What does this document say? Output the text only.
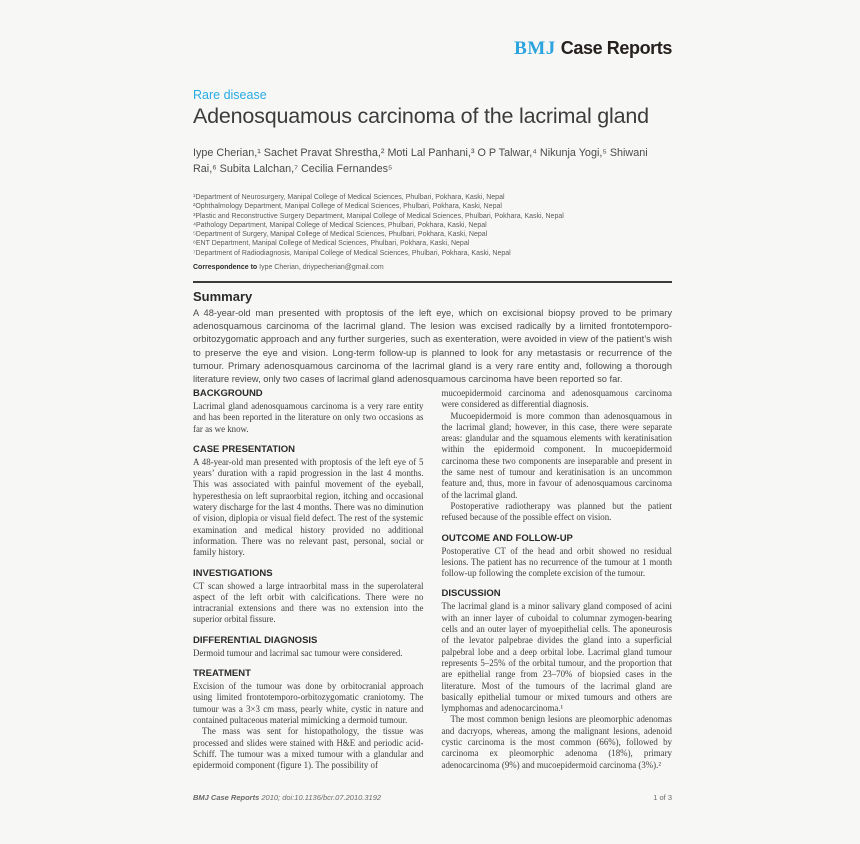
BMJ Case Reports
Rare disease
Adenosquamous carcinoma of the lacrimal gland
Iype Cherian,¹ Sachet Pravat Shrestha,² Moti Lal Panhani,³ O P Talwar,⁴ Nikunja Yogi,⁵ Shiwani Rai,⁶ Subita Lalchan,⁷ Cecilia Fernandes⁵
¹Department of Neurosurgery, Manipal College of Medical Sciences, Phulbari, Pokhara, Kaski, Nepal
²Ophthalmology Department, Manipal College of Medical Sciences, Phulbari, Pokhara, Kaski, Nepal
³Plastic and Reconstructive Surgery Department, Manipal College of Medical Sciences, Phulbari, Pokhara, Kaski, Nepal
⁴Pathology Department, Manipal College of Medical Sciences, Phulbari, Pokhara, Kaski, Nepal
⁵Department of Surgery, Manipal College of Medical Sciences, Phulbari, Pokhara, Kaski, Nepal
⁶ENT Department, Manipal College of Medical Sciences, Phulbari, Pokhara, Kaski, Nepal
⁷Department of Radiodiagnosis, Manipal College of Medical Sciences, Phulbari, Pokhara, Kaski, Nepal
Correspondence to Iype Cherian, driypecherian@gmail.com
Summary
A 48-year-old man presented with proptosis of the left eye, which on excisional biopsy proved to be primary adenosquamous carcinoma of the lacrimal gland. The lesion was excised radically by a limited frontotemporo-orbitozygomatic approach and any further surgeries, such as exenteration, were avoided in view of the patient’s wish to preserve the eye and vision. Long-term follow-up is planned to look for any metastasis or recurrence of the tumour. Primary adenosquamous carcinoma of the lacrimal gland is a very rare entity and, following a thorough literature review, only two cases of lacrimal gland adenosquamous carcinoma have been reported so far.
BACKGROUND

Lacrimal gland adenosquamous carcinoma is a very rare entity and has been reported in the literature on only two occasions as far as we know.

CASE PRESENTATION

A 48-year-old man presented with proptosis of the left eye of 5 years’ duration with a rapid progression in the last 4 months. This was associated with painful movement of the eyeball, hyperesthesia on left supraorbital region, itching and occasional watery discharge for the last 4 months. There was no diminution of vision, diplopia or visual field defect. The rest of the systemic examination and medical history provided no additional information. There was no relevant past, personal, social or family history.

INVESTIGATIONS

CT scan showed a large intraorbital mass in the superolateral aspect of the left orbit with calcifications. There were no intracranial extensions and there was no extension into the superior orbital fissure.

DIFFERENTIAL DIAGNOSIS

Dermoid tumour and lacrimal sac tumour were considered.

TREATMENT

Excision of the tumour was done by orbitocranial approach using limited frontotemporo-orbitozygomatic craniotomy. The tumour was a 3×3 cm mass, pearly white, cystic in nature and contained pultaceous material mimicking a dermoid tumour.

The mass was sent for histopathology, the tissue was processed and slides were stained with H&E and periodic acid-Schiff. The tumour was a mixed tumour with a glandular and epidermoid component (figure 1). The possibility of

mucoepidermoid carcinoma and adenosquamous carcinoma were considered as differential diagnosis.

Mucoepidermoid is more common than adenosquamous in the lacrimal gland; however, in this case, there were separate areas: glandular and the squamous elements with keratinisation within the epidermoid component. In mucoepidermoid carcinoma these two components are inseparable and present in the same nest of tumour and keratinisation is an uncommon feature and, thus, more in favour of adenosquamous carcinoma of the lacrimal gland.

Postoperative radiotherapy was planned but the patient refused because of the possible effect on vision.

OUTCOME AND FOLLOW-UP

Postoperative CT of the head and orbit showed no residual lesions. The patient has no recurrence of the tumour at 1 month follow-up following the complete excision of the tumour.

DISCUSSION

The lacrimal gland is a minor salivary gland composed of acini with an inner layer of cuboidal to columnar zymogen-bearing cells and an outer layer of myoepithelial cells. The aponeurosis of the levator palpebrae divides the gland into a superficial palpebral lobe and a deep orbital lobe. Lacrimal gland tumour represents 5–25% of the orbital tumour, and the proportion that are epithelial range from 23–70% of biopsied cases in the literature. Most of the tumours of the lacrimal gland are basically epithelial tumour or mixed tumours and others are lymphomas and adenocarcinoma.¹

The most common benign lesions are pleomorphic adenomas and dacryops, whereas, among the malignant lesions, adenoid cystic carcinoma is the most common (66%), followed by carcinoma ex pleomorphic adenoma (18%), primary adenocarcinoma (9%) and mucoepidermoid carcinoma (3%).²

BMJ Case Reports 2010; doi:10.1136/bcr.07.2010.3192	1 of 3
